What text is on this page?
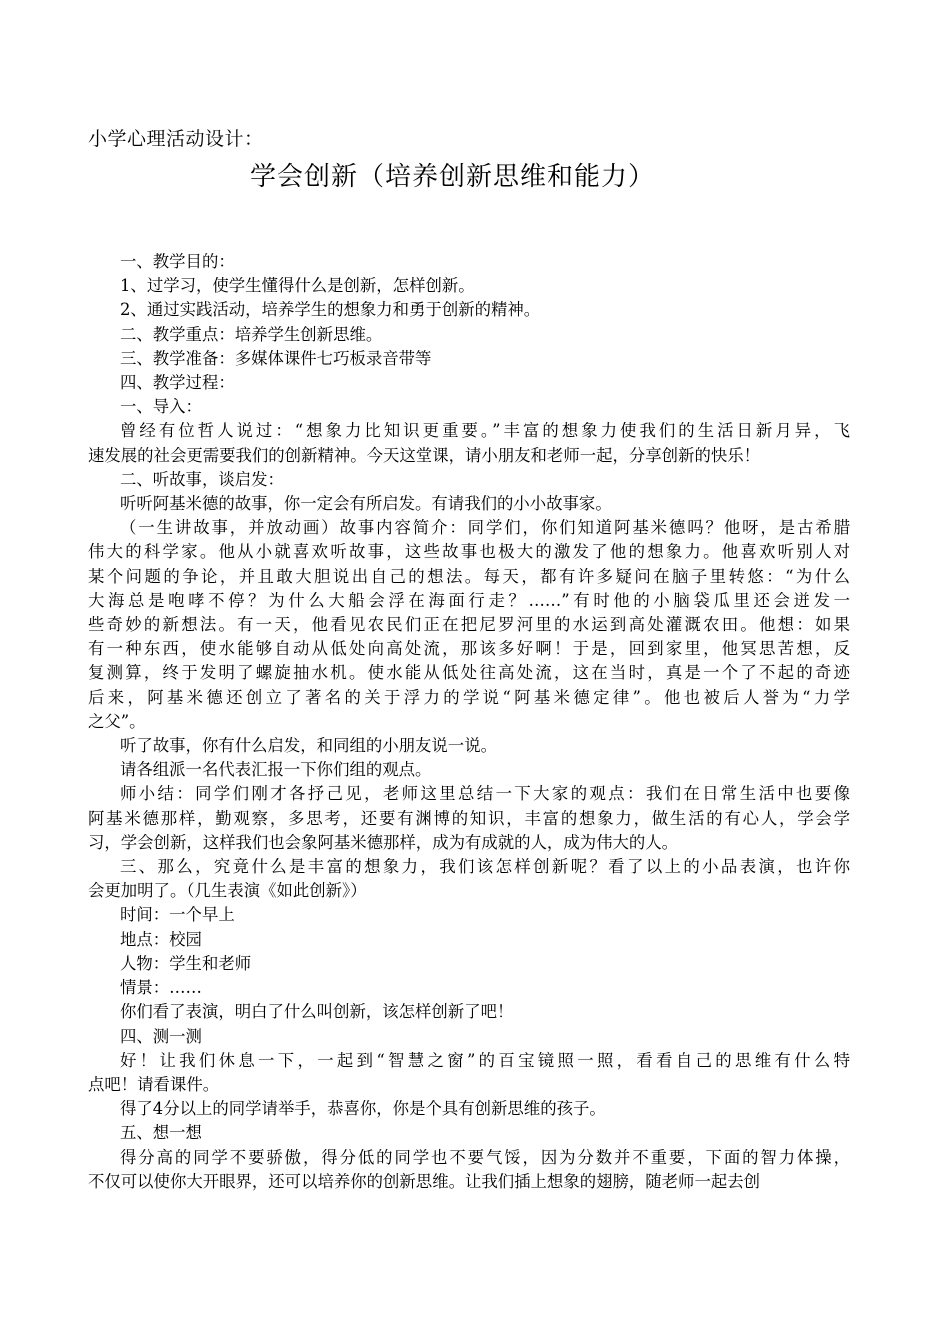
小学心理活动设计：
学会创新（培养创新思维和能力）
一、教学目的：
1、过学习，使学生懂得什么是创新，怎样创新。
2、通过实践活动，培养学生的想象力和勇于创新的精神。
二、教学重点：培养学生创新思维。
三、教学准备：多媒体课件七巧板录音带等
四、教学过程：
一、导入：
曾经有位哲人说过：“想象力比知识更重要。”丰富的想象力使我们的生活日新月异，飞
速发展的社会更需要我们的创新精神。今天这堂课，请小朋友和老师一起，分享创新的快乐！
二、听故事，谈启发：
听听阿基米德的故事，你一定会有所启发。有请我们的小小故事家。
（一生讲故事，并放动画）故事内容简介：同学们，你们知道阿基米德吗？他呀，是古希腊
伟大的科学家。他从小就喜欢听故事，这些故事也极大的激发了他的想象力。他喜欢听别人对
某个问题的争论，并且敢大胆说出自己的想法。每天，都有许多疑问在脑子里转悠：“为什么
大海总是咆哮不停？为什么大船会浮在海面行走？……”有时他的小脑袋瓜里还会迸发一
些奇妙的新想法。有一天，他看见农民们正在把尼罗河里的水运到高处灌溉农田。他想：如果
有一种东西，使水能够自动从低处向高处流，那该多好啊！于是，回到家里，他冥思苦想，反
复测算，终于发明了螺旋抽水机。使水能从低处往高处流，这在当时，真是一个了不起的奇迹
后来，阿基米德还创立了著名的关于浮力的学说“阿基米德定律”。他也被后人誉为“力学
之父”。
听了故事，你有什么启发，和同组的小朋友说一说。
请各组派一名代表汇报一下你们组的观点。
师小结：同学们刚才各抒己见，老师这里总结一下大家的观点：我们在日常生活中也要像
阿基米德那样，勤观察，多思考，还要有渊博的知识，丰富的想象力，做生活的有心人，学会学
习，学会创新，这样我们也会象阿基米德那样，成为有成就的人，成为伟大的人。
三、那么，究竟什么是丰富的想象力，我们该怎样创新呢？看了以上的小品表演，也许你
会更加明了。（几生表演《如此创新》）
时间：一个早上
地点：校园
人物：学生和老师
情景：……
你们看了表演，明白了什么叫创新，该怎样创新了吧！
四、测一测
好！让我们休息一下，一起到“智慧之窗”的百宝镜照一照，看看自己的思维有什么特
点吧！请看课件。
得了4分以上的同学请举手，恭喜你，你是个具有创新思维的孩子。
五、想一想
得分高的同学不要骄傲，得分低的同学也不要气馁，因为分数并不重要，下面的智力体操，
不仅可以使你大开眼界，还可以培养你的创新思维。让我们插上想象的翅膀，随老师一起去创
